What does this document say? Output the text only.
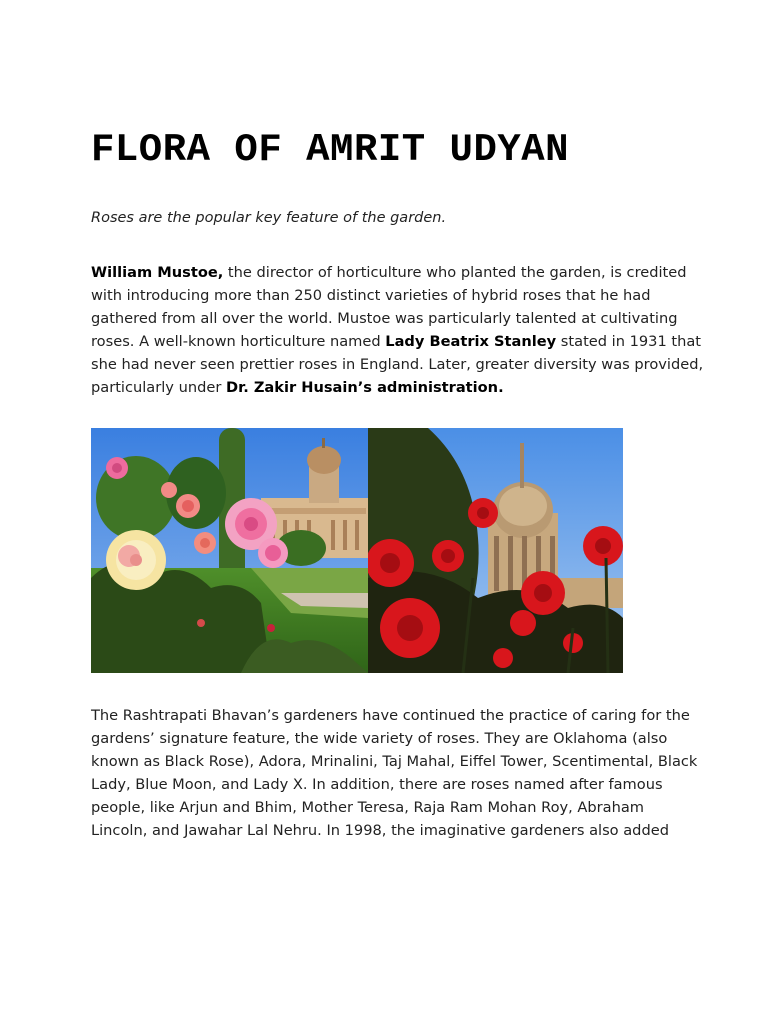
FLORA OF AMRIT UDYAN

Roses are the popular key feature of the garden.

William Mustoe, the director of horticulture who planted the garden, is credited
with introducing more than 250 distinct varieties of hybrid roses that he had
gathered from all over the world. Mustoe was particularly talented at cultivating
roses. A well-known horticulture named Lady Beatrix Stanley stated in 1931 that
she had never seen prettier roses in England. Later, greater diversity was provided,
particularly under Dr. Zakir Husain’s administration.

The Rashtrapati Bhavan’s gardeners have continued the practice of caring for the
gardens’ signature feature, the wide variety of roses. They are Oklahoma (also
known as Black Rose), Adora, Mrinalini, Taj Mahal, Eiffel Tower, Scentimental, Black
Lady, Blue Moon, and Lady X. In addition, there are roses named after famous
people, like Arjun and Bhim, Mother Teresa, Raja Ram Mohan Roy, Abraham
Lincoln, and Jawahar Lal Nehru. In 1998, the imaginative gardeners also added
